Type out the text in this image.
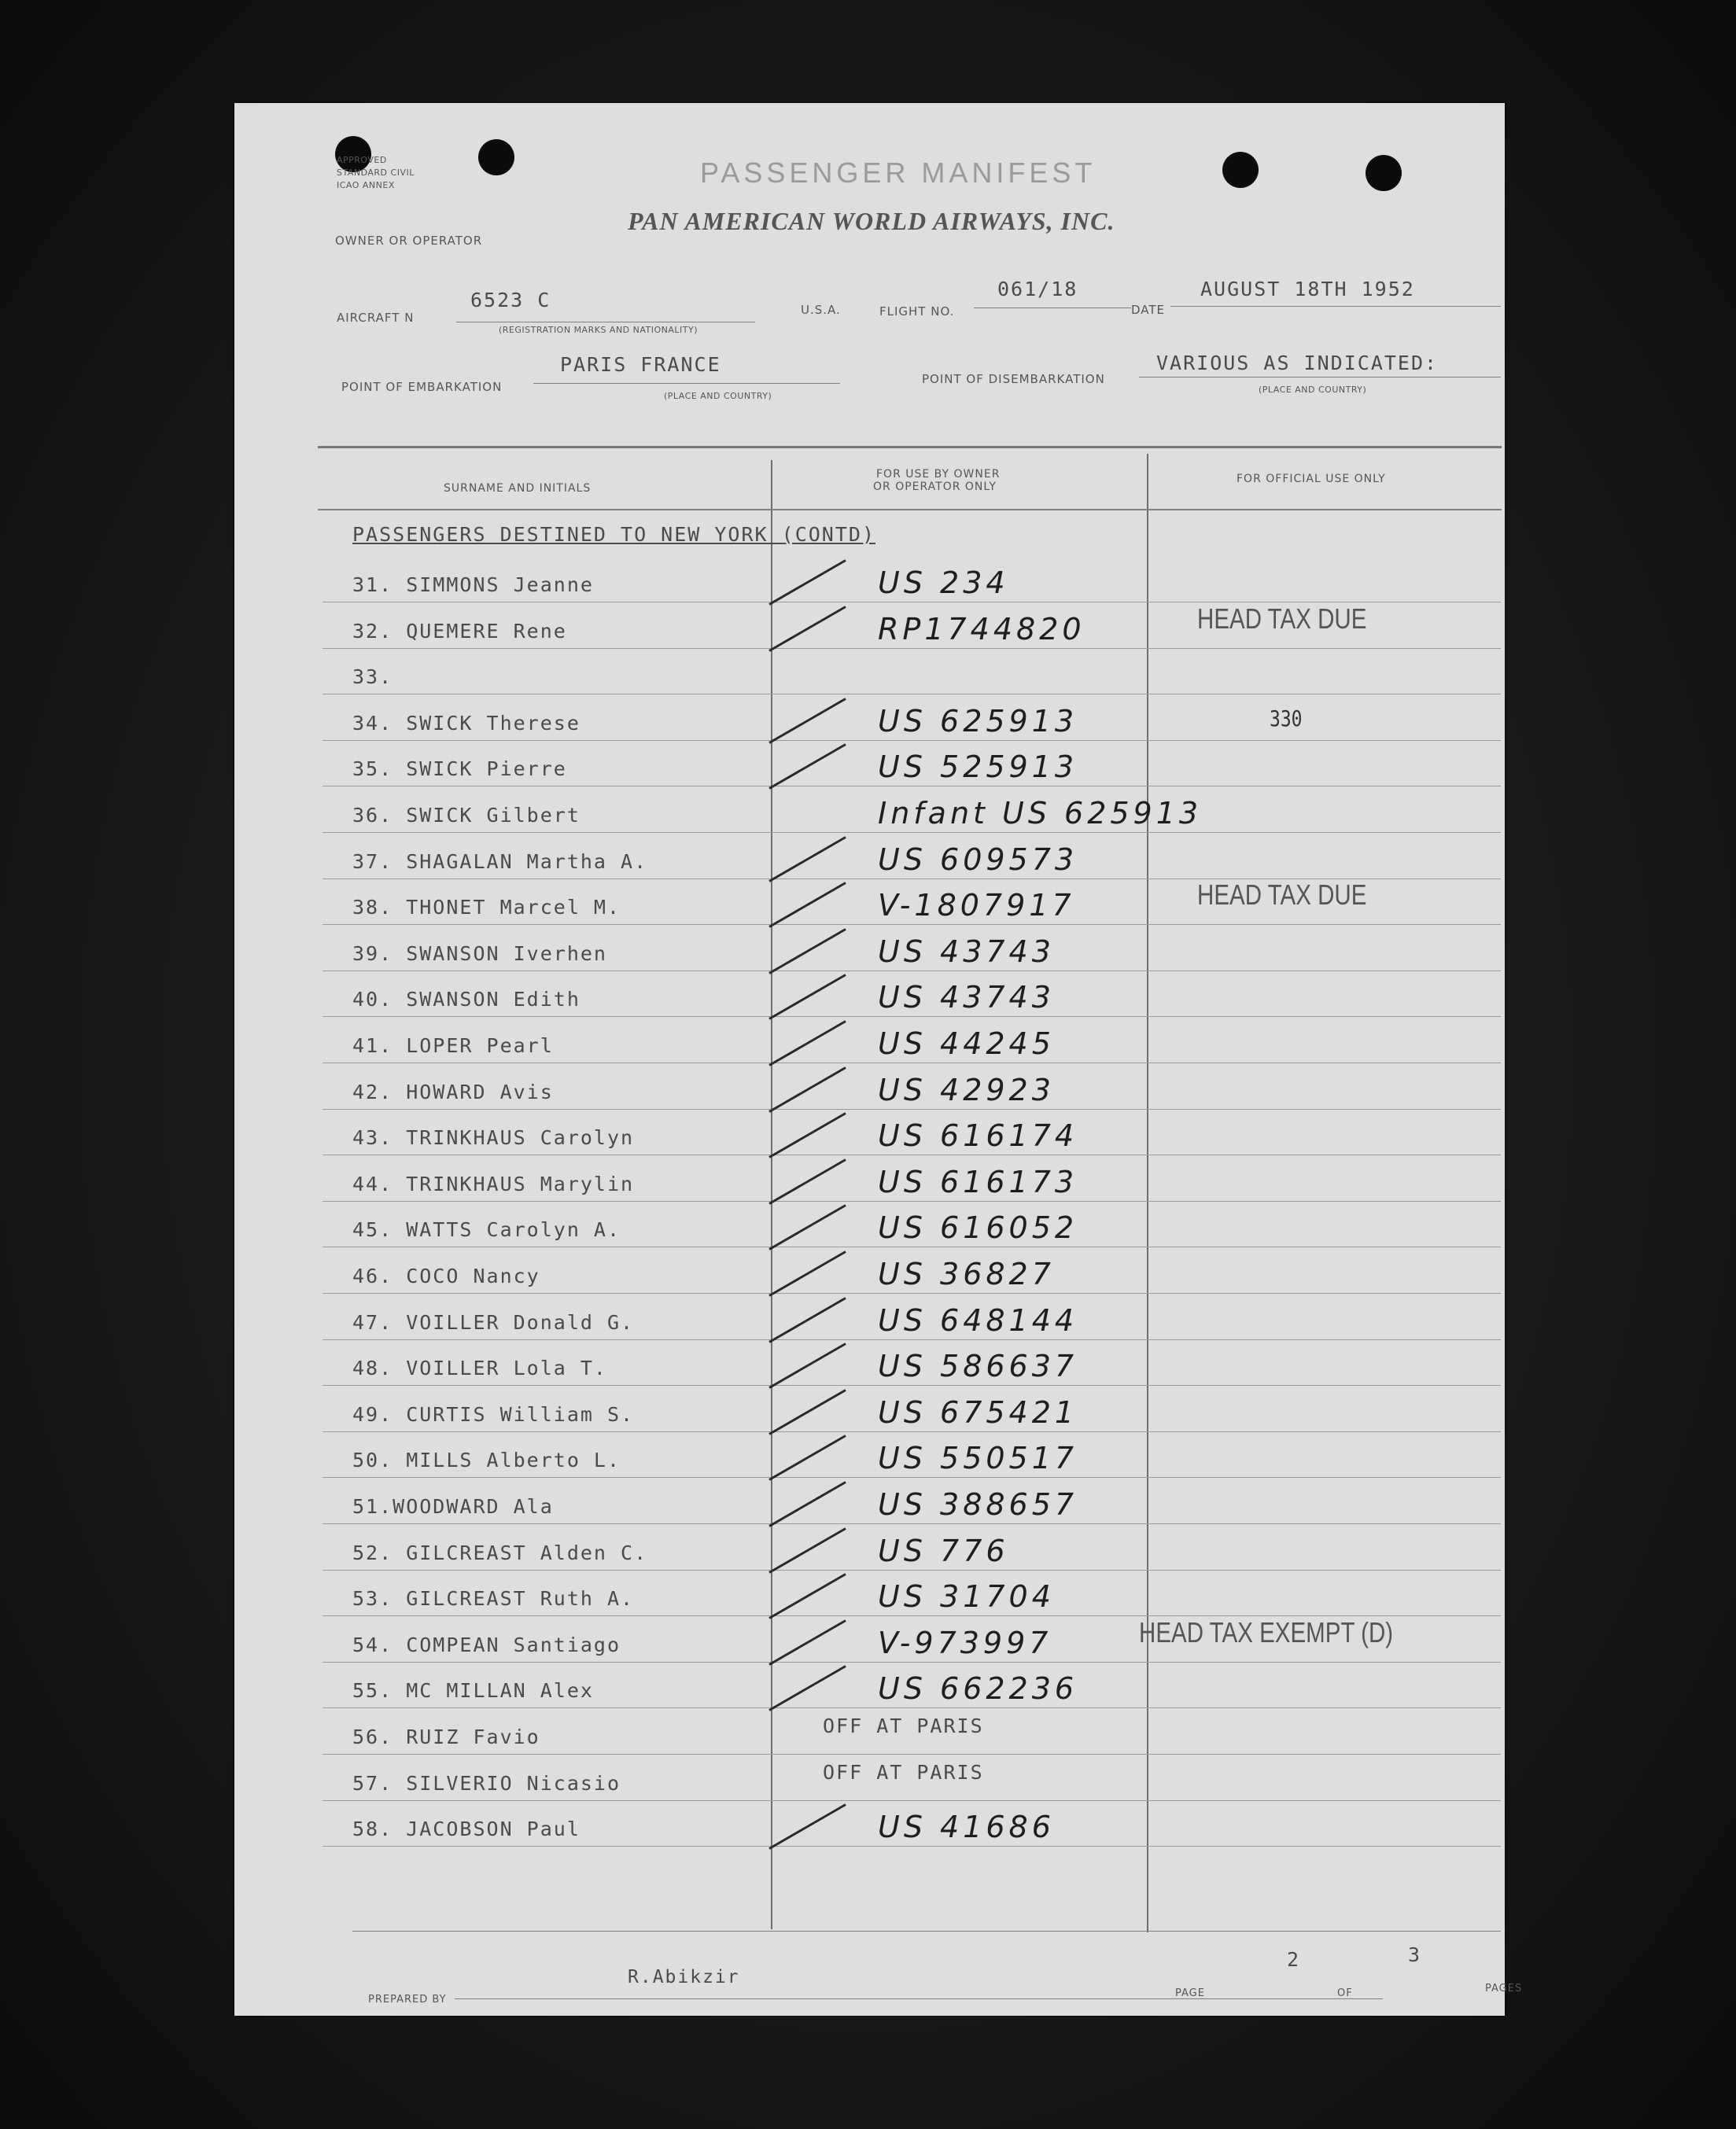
APPROVED
STANDARD CIVIL
ICAO ANNEX	PASSENGER MANIFEST
PAN AMERICAN WORLD AIRWAYS, INC.
OWNER OR OPERATOR
AIRCRAFT N
6523 C
(REGISTRATION MARKS AND NATIONALITY)
U.S.A.	FLIGHT NO.
061/18
DATE
AUGUST 18TH 1952
POINT OF EMBARKATION
PARIS FRANCE
(PLACE AND COUNTRY)
POINT OF DISEMBARKATION
VARIOUS AS INDICATED:
(PLACE AND COUNTRY)
SURNAME AND INITIALS
FOR USE BY OWNER
OR OPERATOR ONLY
FOR OFFICIAL USE ONLY
PASSENGERS DESTINED TO NEW YORK (CONTD)
31. SIMMONS Jeanne	US 234
32. QUEMERE Rene	RP1744820	HEAD TAX DUE
33.
34. SWICK Therese	US 625913	330
35. SWICK Pierre	US 525913
36. SWICK Gilbert	Infant US 625913
37. SHAGALAN Martha A.	US 609573
38. THONET Marcel M.	V-1807917	HEAD TAX DUE
39. SWANSON Iverhen	US 43743
40. SWANSON Edith	US 43743
41. LOPER Pearl	US 44245
42. HOWARD Avis	US 42923
43. TRINKHAUS Carolyn	US 616174
44. TRINKHAUS Marylin	US 616173
45. WATTS Carolyn A.	US 616052
46. COCO Nancy	US 36827
47. VOILLER Donald G.	US 648144
48. VOILLER Lola T.	US 586637
49. CURTIS William S.	US 675421
50. MILLS Alberto L.	US 550517
51.WOODWARD Ala	US 388657
52. GILCREAST Alden C.	US 776
53. GILCREAST Ruth A.	US 31704
54. COMPEAN Santiago	V-973997	HEAD TAX EXEMPT (D)
55. MC MILLAN Alex	US 662236
56. RUIZ Favio	OFF AT PARIS
57. SILVERIO Nicasio	OFF AT PARIS
58. JACOBSON Paul	US 41686
PREPARED BY
R.Abikzir
2
PAGE
3
OF	PAGES
